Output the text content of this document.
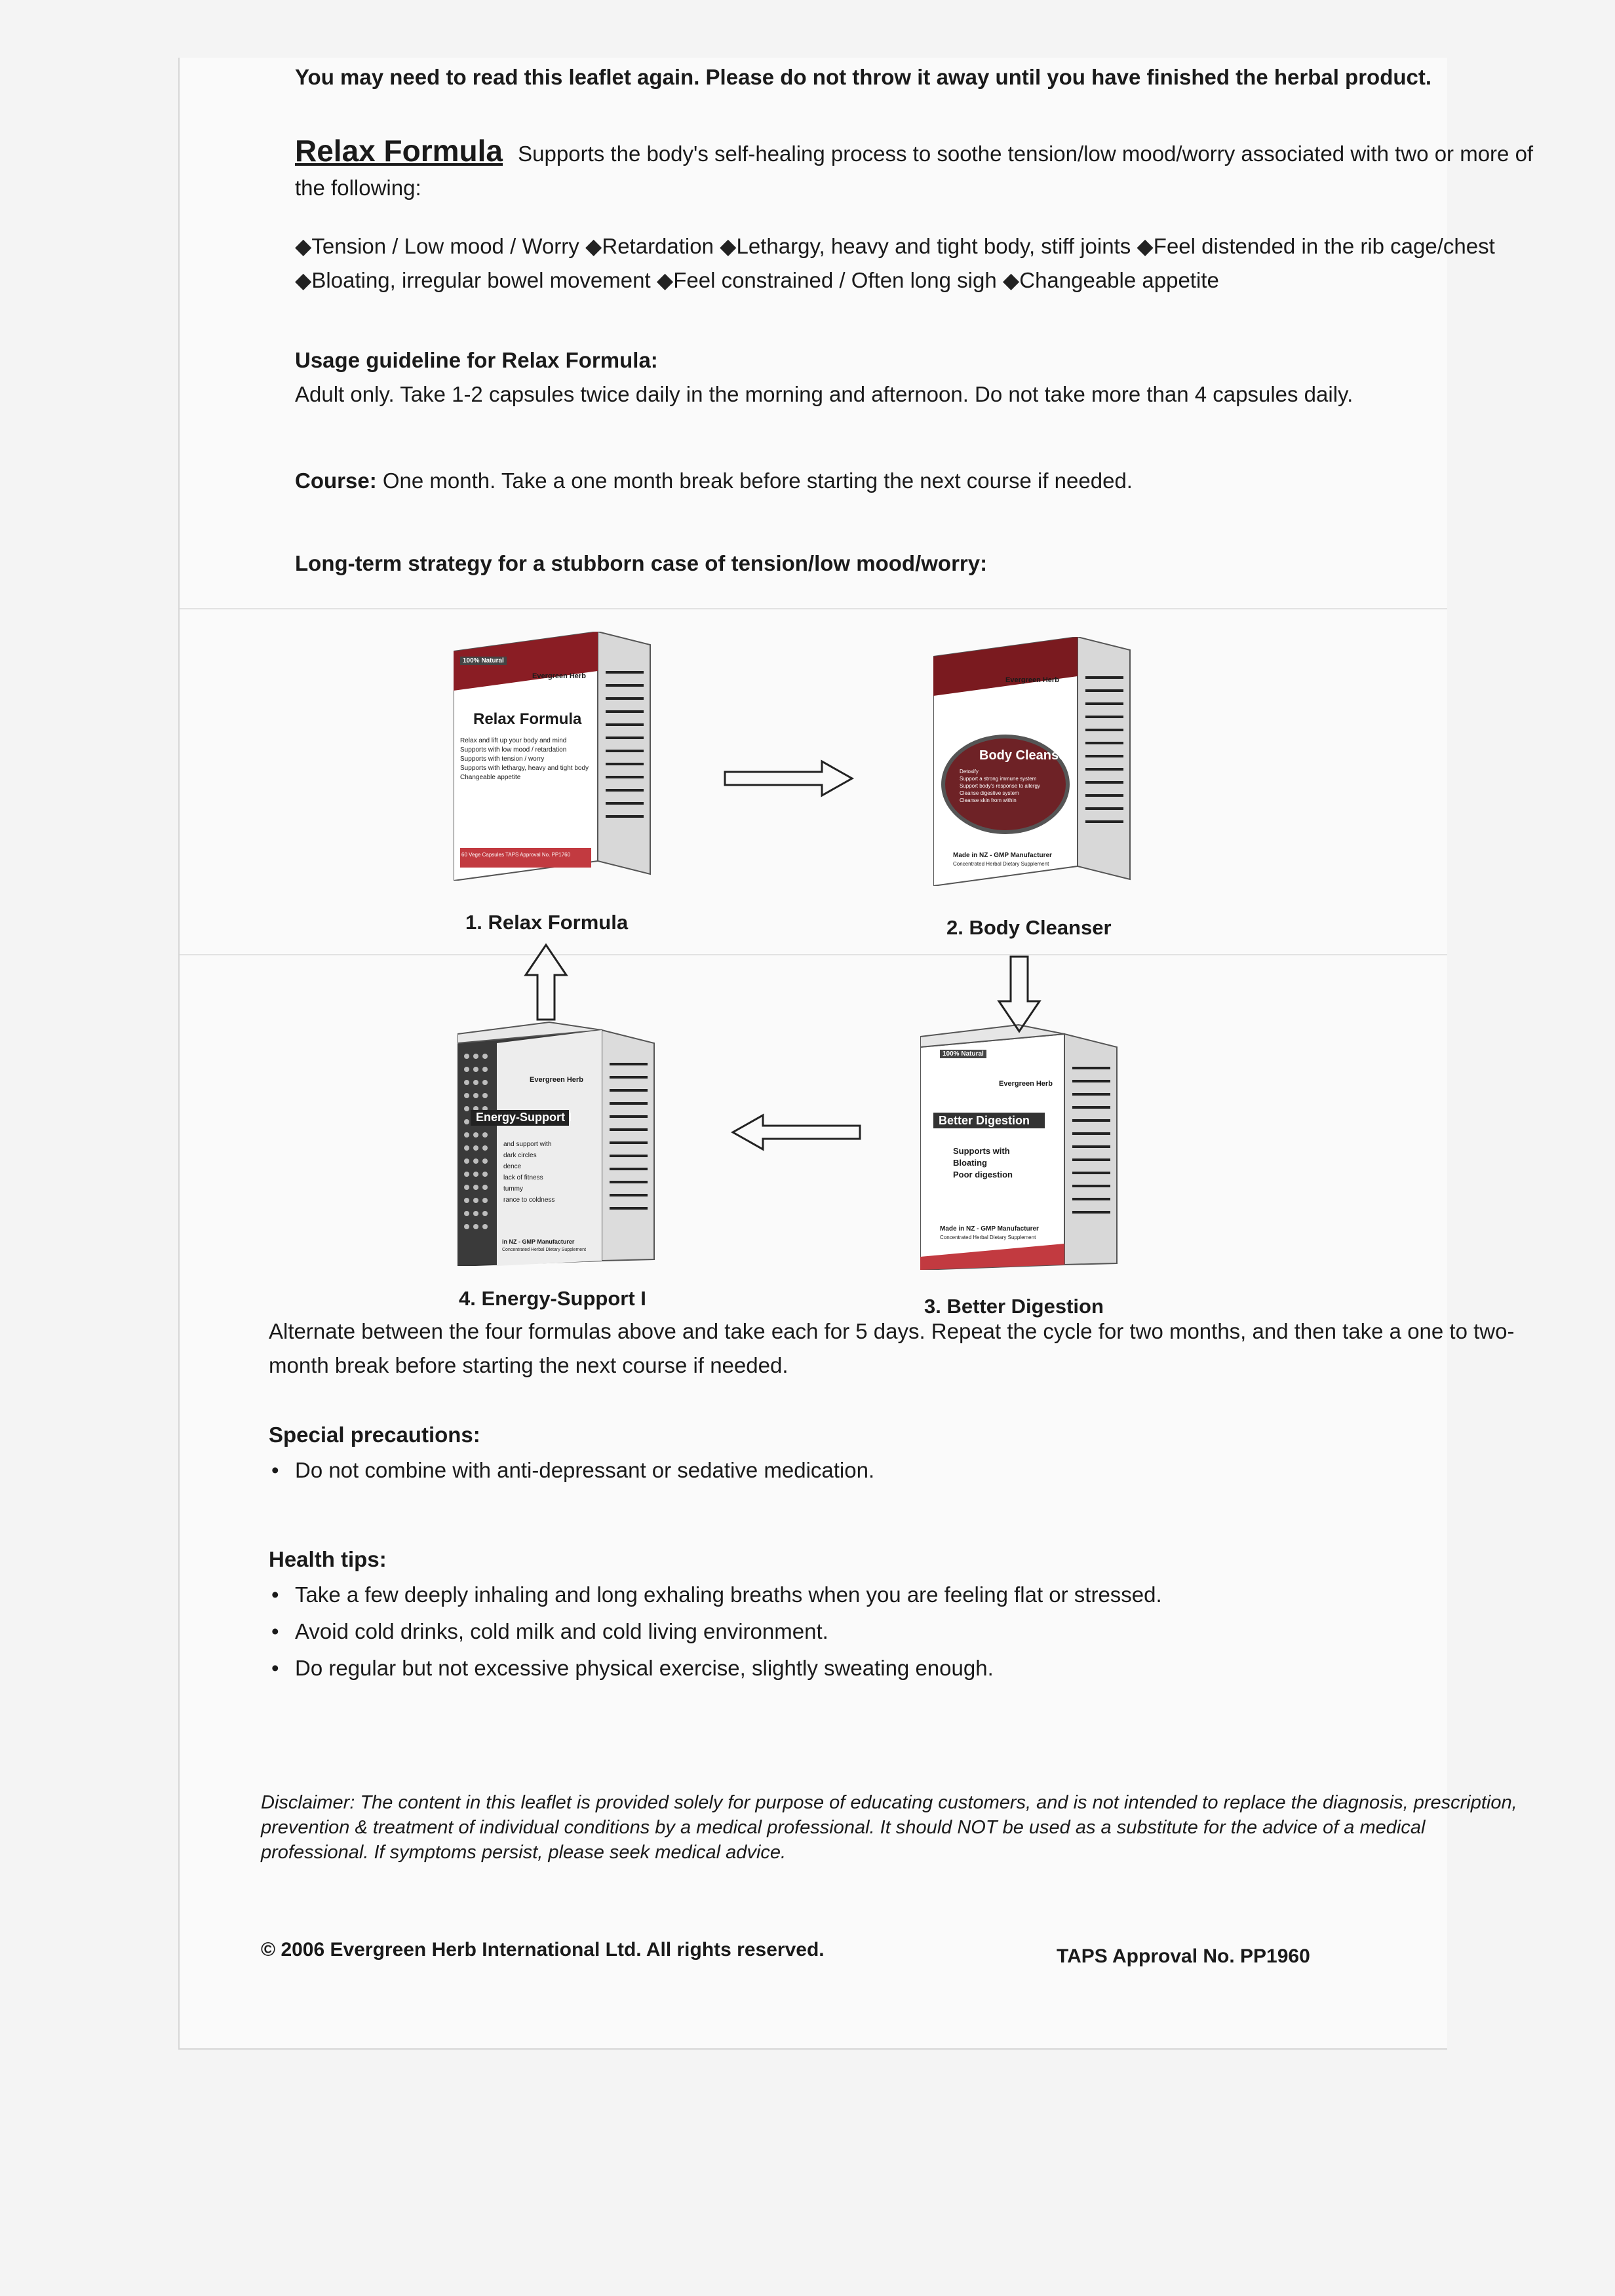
You may need to read this leaflet again. Please do not throw it away until you have finished the herbal product.
Relax Formula Supports the body's self-healing process to soothe tension/low mood/worry associated with two or more of the following:
◆Tension / Low mood / Worry ◆Retardation ◆Lethargy, heavy and tight body, stiff joints ◆Feel distended in the rib cage/chest ◆Bloating, irregular bowel movement ◆Feel constrained / Often long sigh ◆Changeable appetite
Usage guideline for Relax Formula:
Adult only. Take 1-2 capsules twice daily in the morning and afternoon. Do not take more than 4 capsules daily.
Course: One month. Take a one month break before starting the next course if needed.
Long-term strategy for a stubborn case of tension/low mood/worry:
100% Natural
Evergreen Herb
Relax Formula
Relax and lift up your body and mind
Supports with low mood / retardation
Supports with tension / worry
Supports with lethargy, heavy and tight body
Changeable appetite
60 Vege Capsules TAPS Approval No. PP1760
1. Relax Formula
Evergreen Herb
Body Cleanser
Detoxify
Support a strong immune system
Support body's response to allergy
Cleanse digestive system
Cleanse skin from within
Made in NZ - GMP Manufacturer
Concentrated Herbal Dietary Supplement
2. Body Cleanser
Evergreen Herb
Energy-Support I
and support with
dark circles
dence
lack of fitness
tummy
rance to coldness
in NZ - GMP Manufacturer
Concentrated Herbal Dietary Supplement
4. Energy-Support I
100% Natural
Evergreen Herb
Better Digestion
Supports with
Bloating
Poor digestion
Made in NZ - GMP Manufacturer
Concentrated Herbal Dietary Supplement
3. Better Digestion
Alternate between the four formulas above and take each for 5 days. Repeat the cycle for two months, and then take a one to two-month break before starting the next course if needed.
Special precautions:
• Do not combine with anti-depressant or sedative medication.
Health tips:
• Take a few deeply inhaling and long exhaling breaths when you are feeling flat or stressed.
• Avoid cold drinks, cold milk and cold living environment.
• Do regular but not excessive physical exercise, slightly sweating enough.
Disclaimer: The content in this leaflet is provided solely for purpose of educating customers, and is not intended to replace the diagnosis, prescription, prevention & treatment of individual conditions by a medical professional. It should NOT be used as a substitute for the advice of a medical professional. If symptoms persist, please seek medical advice.
© 2006 Evergreen Herb International Ltd. All rights reserved.	TAPS Approval No. PP1960
